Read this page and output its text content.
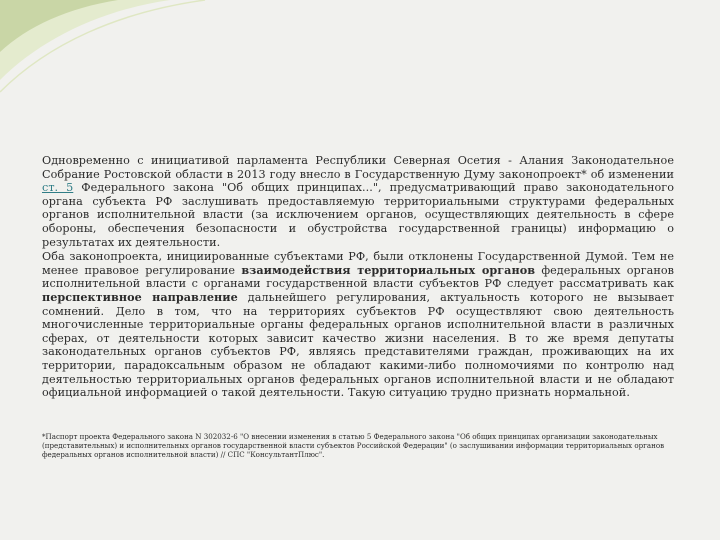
Одновременно с инициативой парламента Республики Северная Осетия - Алания Законодательное Собрание Ростовской области в 2013 году внесло в Государственную Думу законопроект* об изменении ст. 5 Федерального закона "Об общих принципах...", предусматривающий право законодательного органа субъекта РФ заслушивать предоставляемую территориальными структурами федеральных органов исполнительной власти (за исключением органов, осуществляющих деятельность в сфере обороны, обеспечения безопасности и обустройства государственной границы) информацию о результатах их деятельности.

Оба законопроекта, инициированные субъектами РФ, были отклонены Государственной Думой. Тем не менее правовое регулирование взаимодействия территориальных органов федеральных органов исполнительной власти с органами государственной власти субъектов РФ следует рассматривать как перспективное направление дальнейшего регулирования, актуальность которого не вызывает сомнений. Дело в том, что на территориях субъектов РФ осуществляют свою деятельность многочисленные территориальные органы федеральных органов исполнительной власти в различных сферах, от деятельности которых зависит качество жизни населения. В то же время депутаты законодательных органов субъектов РФ, являясь представителями граждан, проживающих на их территории, парадоксальным образом не обладают какими-либо полномочиями по контролю над деятельностью территориальных органов федеральных органов исполнительной власти и не обладают официальной информацией о такой деятельности. Такую ситуацию трудно признать нормальной.

*Паспорт проекта Федерального закона N 302032-6 "О внесении изменения в статью 5 Федерального закона "Об общих принципах организации законодательных (представительных) и исполнительных органов государственной власти субъектов Российской Федерации" (о заслушивании информации территориальных органов федеральных органов исполнительной власти) // СПС "КонсультантПлюс".
